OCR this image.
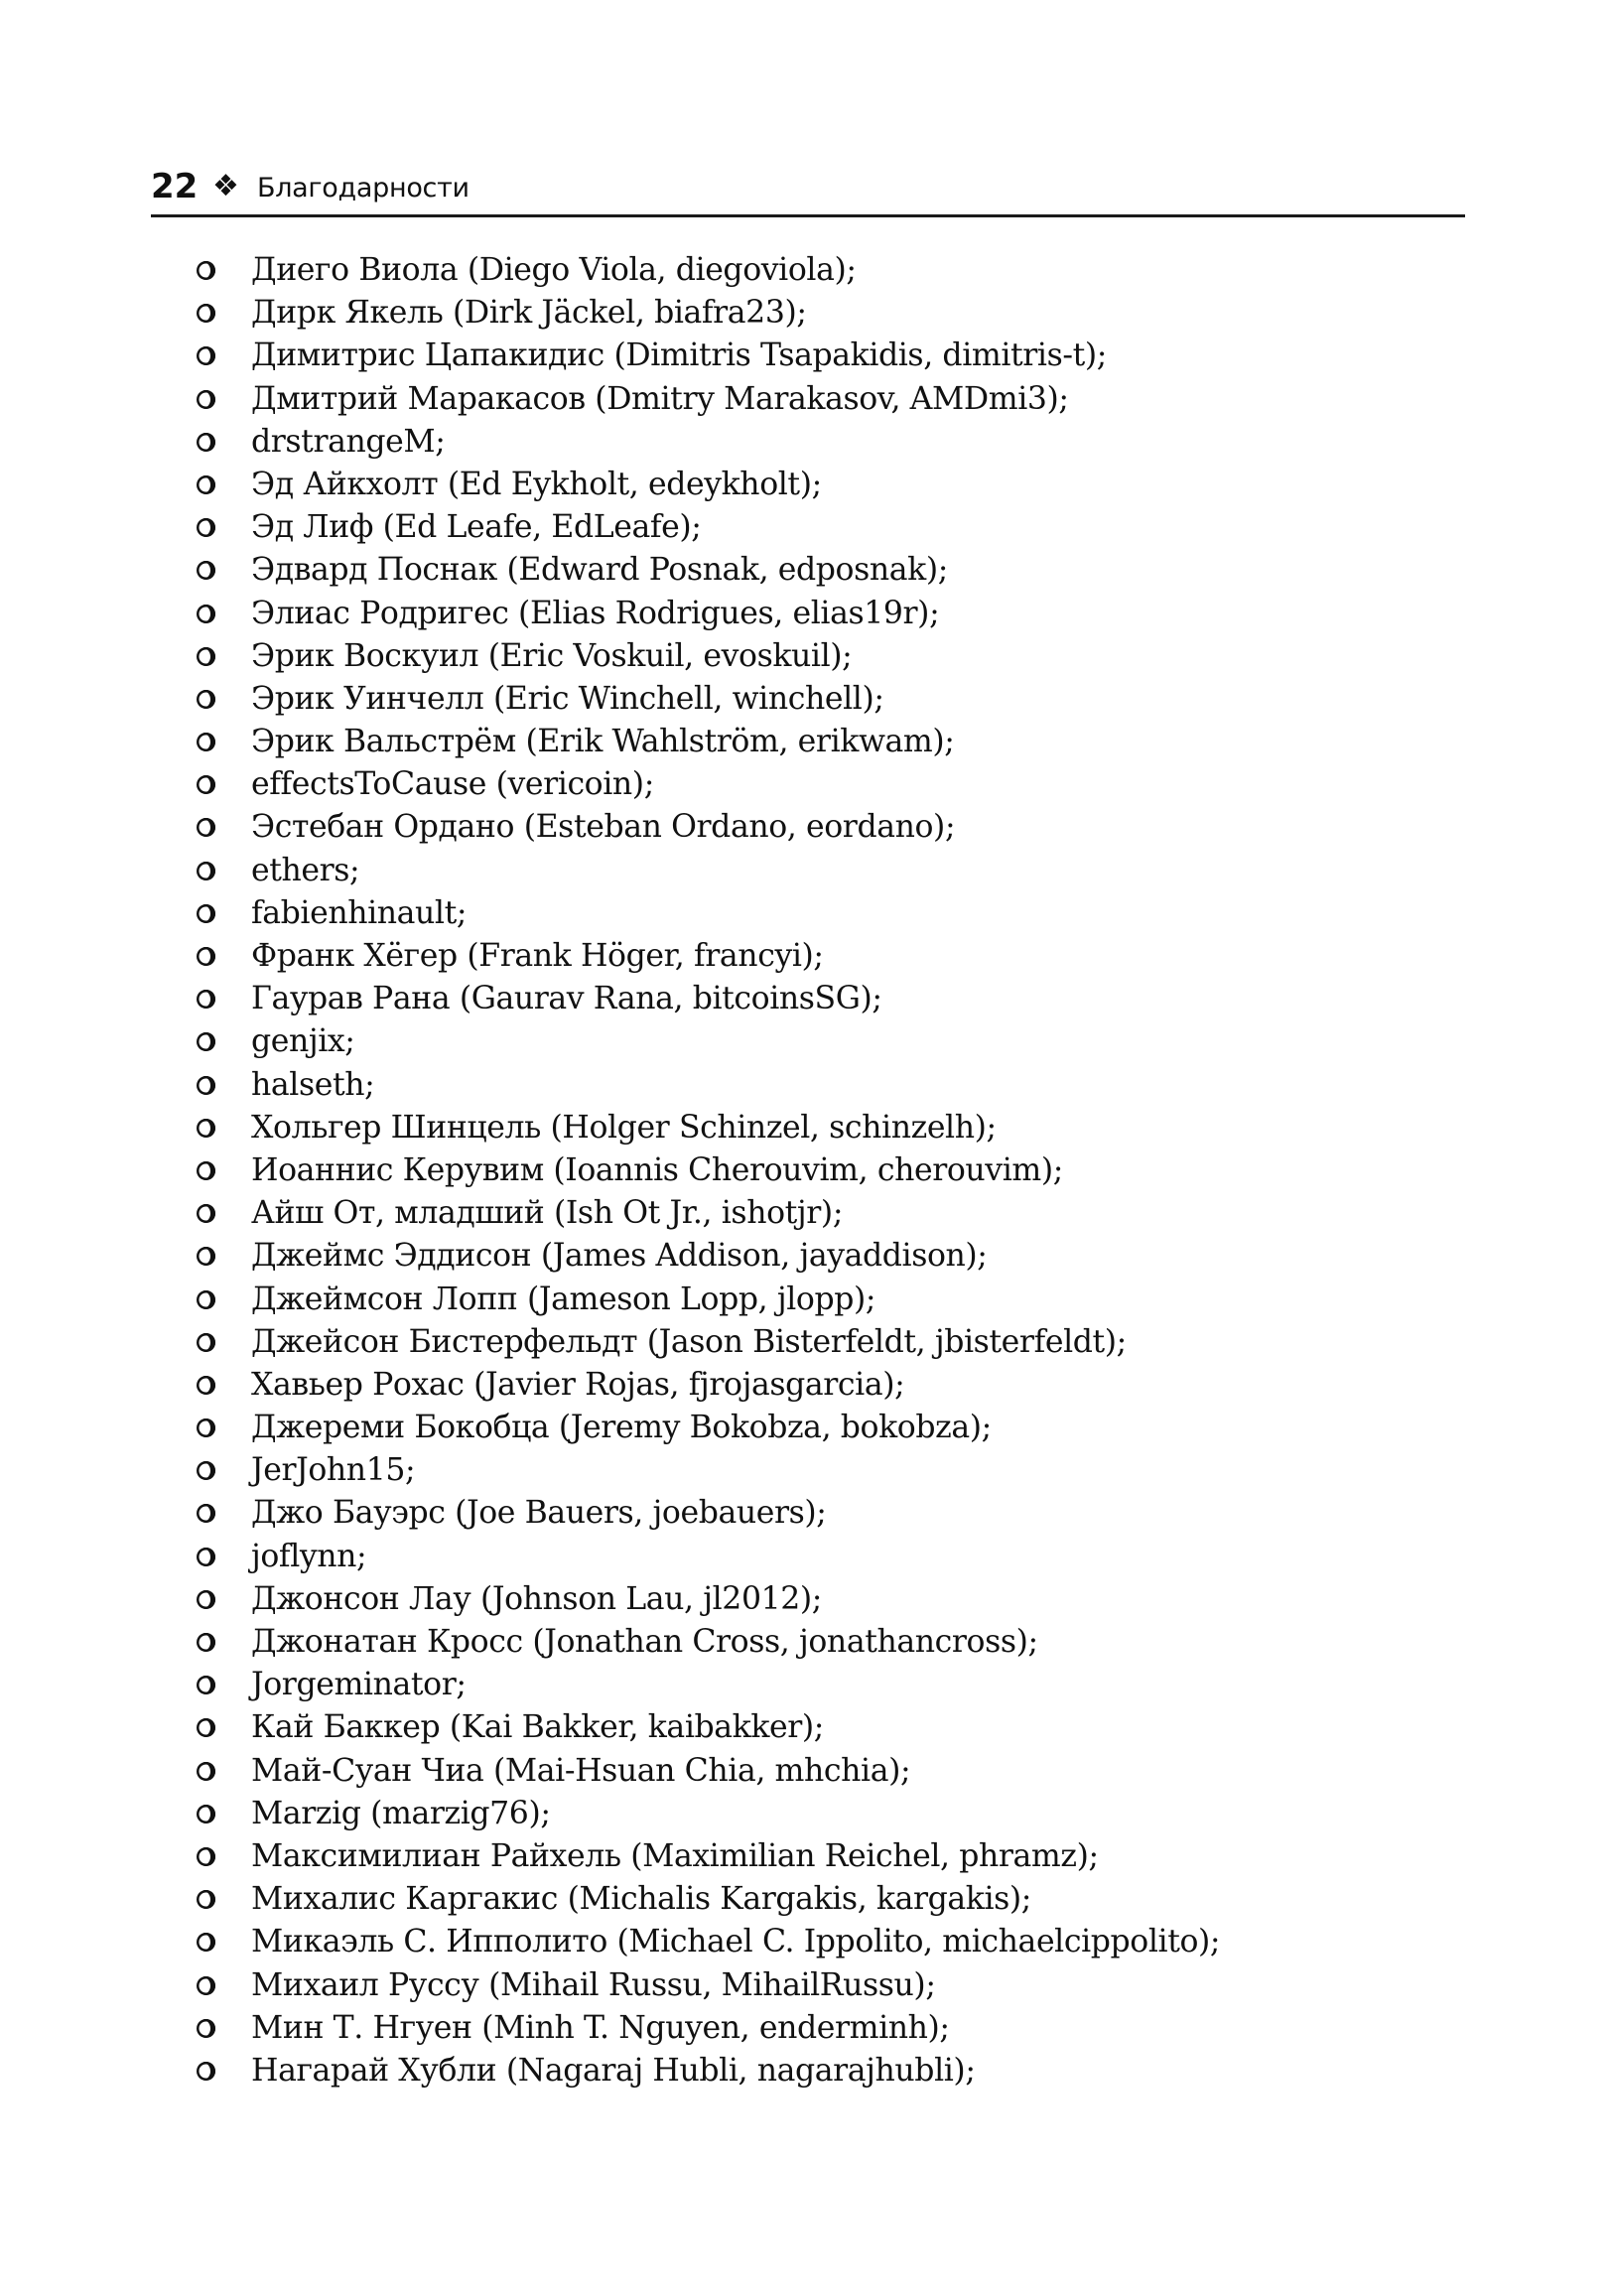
22 ❖ Благодарности
Диего Виола (Diego Viola, diegoviola);
Дирк Якель (Dirk Jäckel, biafra23);
Димитрис Цапакидис (Dimitris Tsapakidis, dimitris-t);
Дмитрий Маракасов (Dmitry Marakasov, AMDmi3);
drstrangeM;
Эд Айкхолт (Ed Eykholt, edeykholt);
Эд Лиф (Ed Leafe, EdLeafe);
Эдвард Поснак (Edward Posnak, edposnak);
Элиас Родригес (Elias Rodrigues, elias19r);
Эрик Воскуил (Eric Voskuil, evoskuil);
Эрик Уинчелл (Eric Winchell, winchell);
Эрик Вальстрём (Erik Wahlström, erikwam);
effectsToCause (vericoin);
Эстебан Ордано (Esteban Ordano, eordano);
ethers;
fabienhinault;
Франк Хёгер (Frank Höger, francyi);
Гаурав Рана (Gaurav Rana, bitcoinsSG);
genjix;
halseth;
Хольгер Шинцель (Holger Schinzel, schinzelh);
Иоаннис Керувим (Ioannis Cherouvim, cherouvim);
Айш От, младший (Ish Ot Jr., ishotjr);
Джеймс Эддисон (James Addison, jayaddison);
Джеймсон Лопп (Jameson Lopp, jlopp);
Джейсон Бистерфельдт (Jason Bisterfeldt, jbisterfeldt);
Хавьер Рохас (Javier Rojas, fjrojasgarcia);
Джереми Бокобца (Jeremy Bokobza, bokobza);
JerJohn15;
Джо Бауэрс (Joe Bauers, joebauers);
joflynn;
Джонсон Лау (Johnson Lau, jl2012);
Джонатан Кросс (Jonathan Cross, jonathancross);
Jorgeminator;
Кай Баккер (Kai Bakker, kaibakker);
Май-Суан Чиа (Mai-Hsuan Chia, mhchia);
Marzig (marzig76);
Максимилиан Райхель (Maximilian Reichel, phramz);
Михалис Каргакис (Michalis Kargakis, kargakis);
Микаэль С. Ипполито (Michael C. Ippolito, michaelcippolito);
Михаил Руссу (Mihail Russu, MihailRussu);
Мин Т. Нгуен (Minh T. Nguyen, enderminh);
Нагарай Хубли (Nagaraj Hubli, nagarajhubli);
